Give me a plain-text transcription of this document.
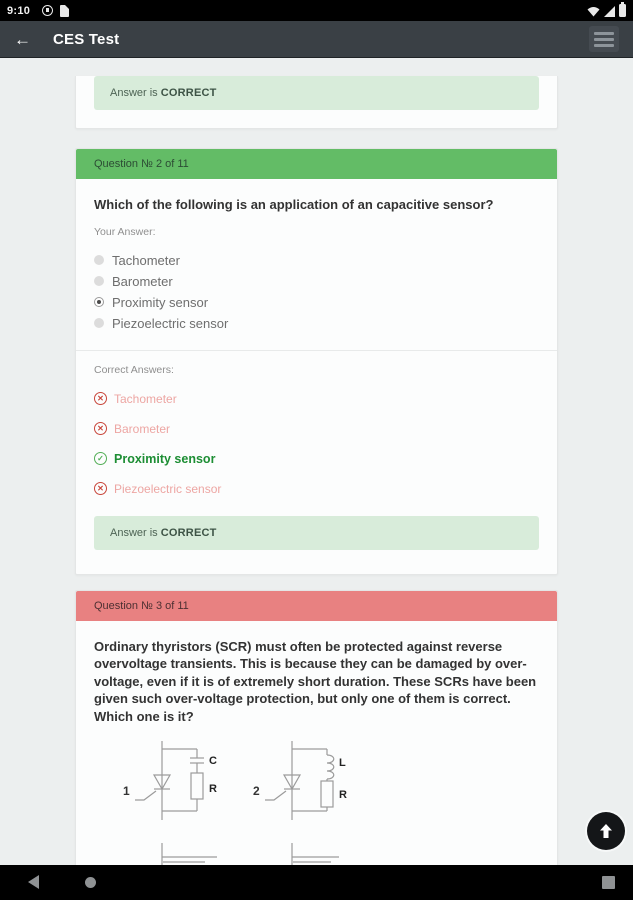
9:10
← CES Test
Answer is CORRECT
Question № 2 of 11
Which of the following is an application of an capacitive sensor?
Your Answer:
Tachometer
Barometer
Proximity sensor
Piezoelectric sensor
Correct Answers:
✕ Tachometer
✕ Barometer
✓ Proximity sensor
✕ Piezoelectric sensor
Answer is CORRECT
Question № 3 of 11
Ordinary thyristors (SCR) must often be protected against reverse overvoltage transients. This is because they can be damaged by over-voltage, even if it is of extremely short duration. These SCRs have been given such over-voltage protection, but only one of them is correct. Which one is it?
1	2
C
R
L
R
